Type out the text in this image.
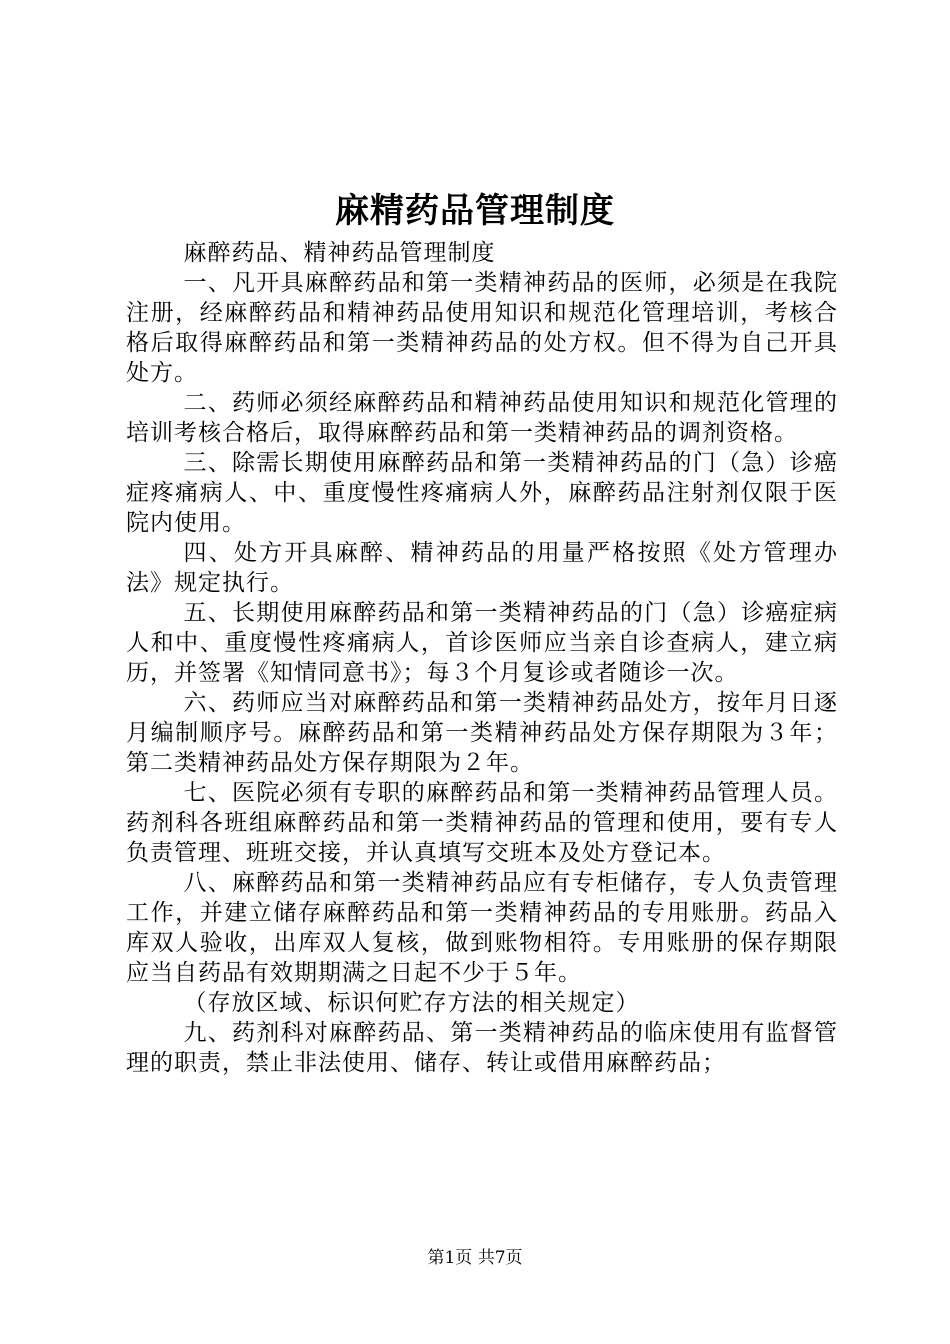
麻精药品管理制度

麻醉药品、精神药品管理制度

一、凡开具麻醉药品和第一类精神药品的医师，必须是在我院注册，经麻醉药品和精神药品使用知识和规范化管理培训，考核合格后取得麻醉药品和第一类精神药品的处方权。但不得为自己开具处方。

二、药师必须经麻醉药品和精神药品使用知识和规范化管理的培训考核合格后，取得麻醉药品和第一类精神药品的调剂资格。

三、除需长期使用麻醉药品和第一类精神药品的门（急）诊癌症疼痛病人、中、重度慢性疼痛病人外，麻醉药品注射剂仅限于医院内使用。

四、处方开具麻醉、精神药品的用量严格按照《处方管理办法》规定执行。

五、长期使用麻醉药品和第一类精神药品的门（急）诊癌症病人和中、重度慢性疼痛病人，首诊医师应当亲自诊查病人，建立病历，并签署《知情同意书》；每３个月复诊或者随诊一次。

六、药师应当对麻醉药品和第一类精神药品处方，按年月日逐月编制顺序号。麻醉药品和第一类精神药品处方保存期限为３年；第二类精神药品处方保存期限为２年。

七、医院必须有专职的麻醉药品和第一类精神药品管理人员。药剂科各班组麻醉药品和第一类精神药品的管理和使用，要有专人负责管理、班班交接，并认真填写交班本及处方登记本。

八、麻醉药品和第一类精神药品应有专柜储存，专人负责管理工作，并建立储存麻醉药品和第一类精神药品的专用账册。药品入库双人验收，出库双人复核，做到账物相符。专用账册的保存期限应当自药品有效期期满之日起不少于５年。

（存放区域、标识何贮存方法的相关规定）

九、药剂科对麻醉药品、第一类精神药品的临床使用有监督管理的职责，禁止非法使用、储存、转让或借用麻醉药品；

第1页 共7页
